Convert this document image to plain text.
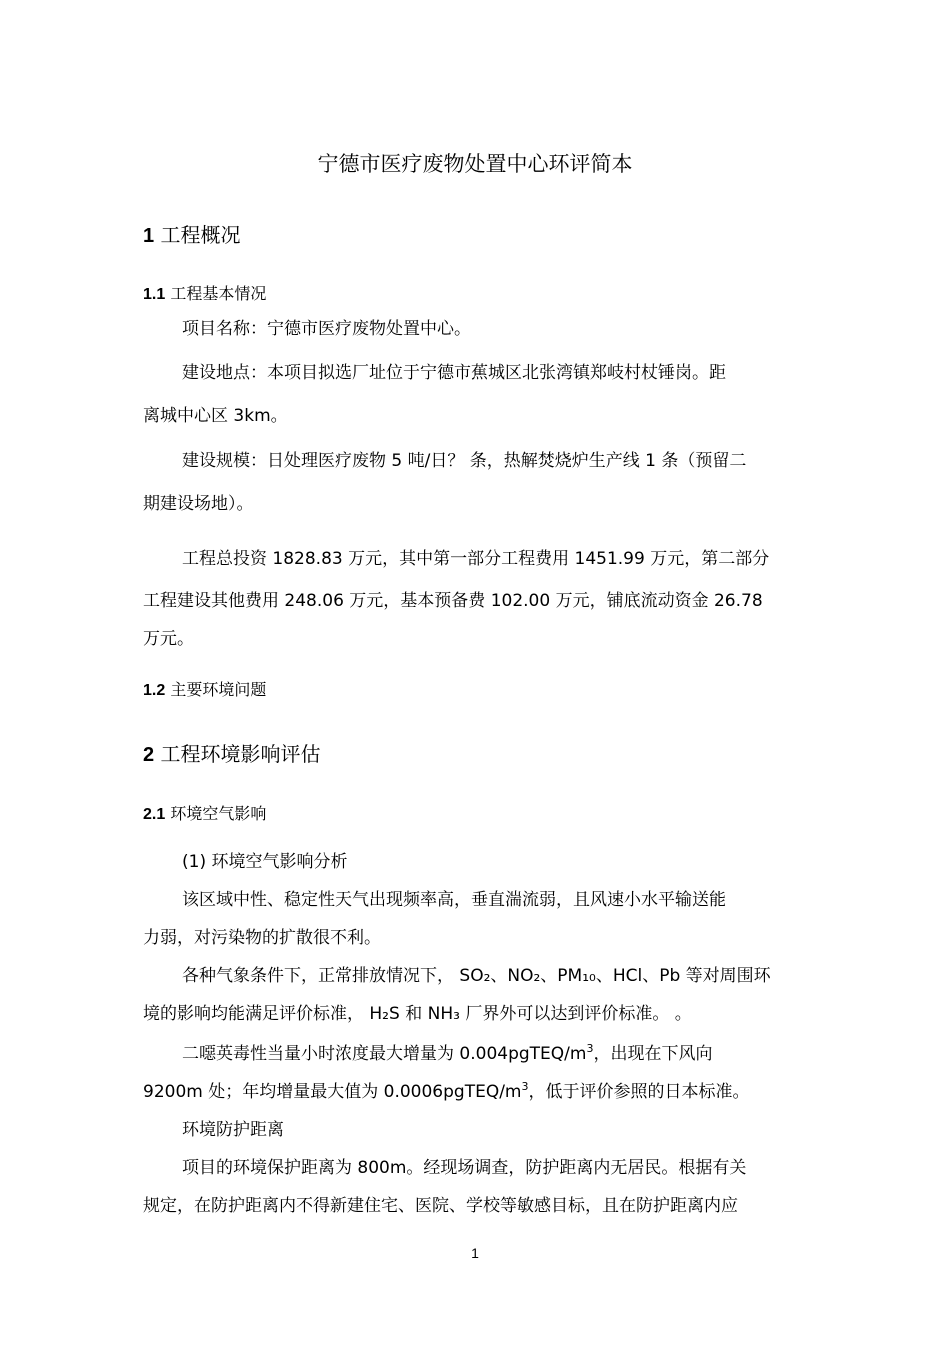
宁德市医疗废物处置中心环评简本
1 工程概况
1.1 工程基本情况
项目名称：宁德市医疗废物处置中心。
建设地点：本项目拟选厂址位于宁德市蕉城区北张湾镇郑岐村杖锤岗。距
离城中心区 3km。
建设规模：日处理医疗废物 5 吨/日？ 条，热解焚烧炉生产线 1 条（预留二
期建设场地）。
工程总投资 1828.83 万元，其中第一部分工程费用 1451.99 万元，第二部分
工程建设其他费用 248.06 万元，基本预备费 102.00 万元，铺底流动资金 26.78
万元。
1.2 主要环境问题
2 工程环境影响评估
2.1 环境空气影响
(1) 环境空气影响分析
该区域中性、稳定性天气出现频率高，垂直湍流弱，且风速小水平输送能
力弱，对污染物的扩散很不利。
各种气象条件下，正常排放情况下， SO₂、NO₂、PM₁₀、HCl、Pb 等对周围环
境的影响均能满足评价标准， H₂S 和 NH₃ 厂界外可以达到评价标准。 。
二噁英毒性当量小时浓度最大增量为 $0.004pgTEQ/m^3$，出现在下风向
9200m 处；年均增量最大值为 $0.0006pgTEQ/m^3$，低于评价参照的日本标准。
环境防护距离
项目的环境保护距离为 800m。经现场调查，防护距离内无居民。根据有关
规定，在防护距离内不得新建住宅、医院、学校等敏感目标，且在防护距离内应
1
